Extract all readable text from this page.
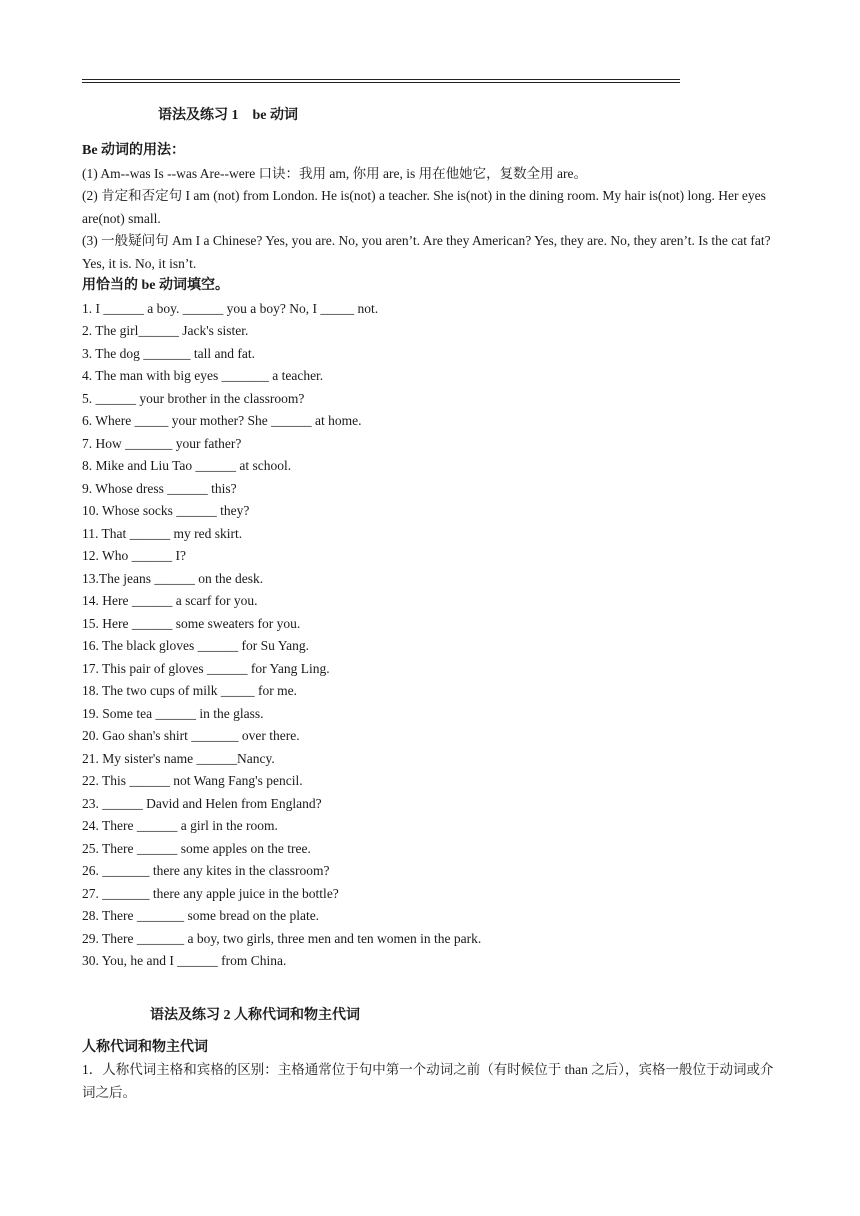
语法及练习 1　be 动词
Be 动词的用法：
(1) Am--was Is --was Are--were 口诀：我用 am, 你用 are, is 用在他她它，复数全用 are。
(2) 肯定和否定句 I am (not) from London. He is(not) a teacher. She is(not) in the dining room. My hair is(not) long. Her eyes are(not) small.
(3) 一般疑问句 Am I a Chinese? Yes, you are. No, you aren’t. Are they American? Yes, they are. No, they aren’t. Is the cat fat? Yes, it is. No, it isn’t.
用恰当的 be 动词填空。
1. I ______ a boy. ______ you a boy? No, I _____ not.
2. The girl______ Jack's sister.
3. The dog _______ tall and fat.
4. The man with big eyes _______ a teacher.
5. ______ your brother in the classroom?
6. Where _____ your mother? She ______ at home.
7. How _______ your father?
8. Mike and Liu Tao ______ at school.
9. Whose dress ______ this?
10. Whose socks ______ they?
11. That ______ my red skirt.
12. Who ______ I?
13.The jeans ______ on the desk.
14. Here ______ a scarf for you.
15. Here ______ some sweaters for you.
16. The black gloves ______ for Su Yang.
17. This pair of gloves ______ for Yang Ling.
18. The two cups of milk _____ for me.
19. Some tea ______ in the glass.
20. Gao shan's shirt _______ over there.
21. My sister's name ______Nancy.
22. This ______ not Wang Fang's pencil.
23. ______ David and Helen from England?
24. There ______ a girl in the room.
25. There ______ some apples on the tree.
26. _______ there any kites in the classroom?
27. _______ there any apple juice in the bottle?
28. There _______ some bread on the plate.
29. There _______ a boy, two girls, three men and ten women in the park.
30. You, he and I ______ from China.
语法及练习 2 人称代词和物主代词
人称代词和物主代词
1．人称代词主格和宾格的区别：主格通常位于句中第一个动词之前（有时候位于 than 之后），宾格一般位于动词或介词之后。
